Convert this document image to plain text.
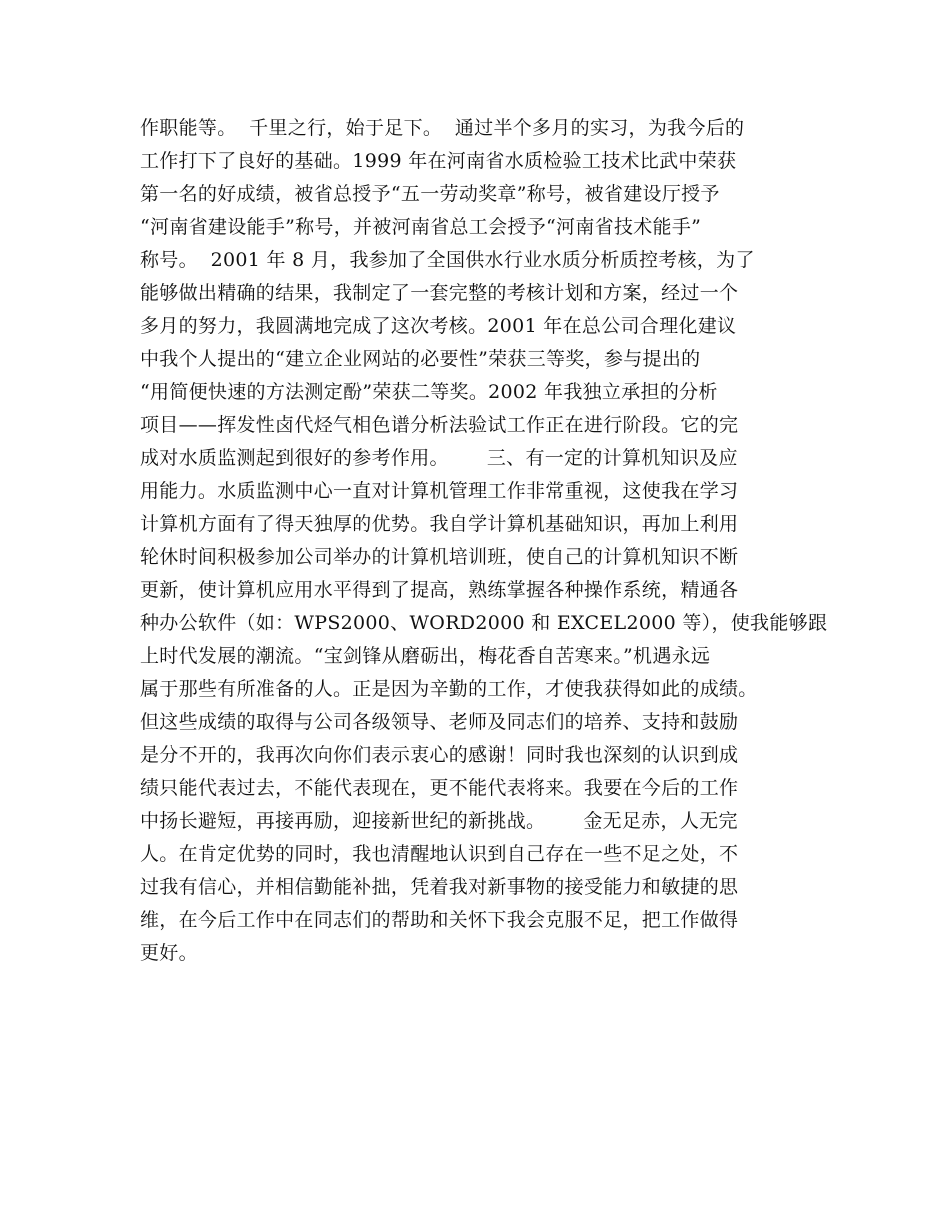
作职能等。  千里之行，始于足下。  通过半个多月的实习，为我今后的
工作打下了良好的基础。1999 年在河南省水质检验工技术比武中荣获
第一名的好成绩，被省总授予“五一劳动奖章”称号，被省建设厅授予
“河南省建设能手”称号，并被河南省总工会授予“河南省技术能手”
称号。  2001 年 8 月，我参加了全国供水行业水质分析质控考核，为了
能够做出精确的结果，我制定了一套完整的考核计划和方案，经过一个
多月的努力，我圆满地完成了这次考核。2001 年在总公司合理化建议
中我个人提出的“建立企业网站的必要性”荣获三等奖，参与提出的
“用简便快速的方法测定酚”荣获二等奖。2002 年我独立承担的分析
项目——挥发性卤代烃气相色谱分析法验试工作正在进行阶段。它的完
成对水质监测起到很好的参考作用。      三、有一定的计算机知识及应
用能力。水质监测中心一直对计算机管理工作非常重视，这使我在学习
计算机方面有了得天独厚的优势。我自学计算机基础知识，再加上利用
轮休时间积极参加公司举办的计算机培训班，使自己的计算机知识不断
更新，使计算机应用水平得到了提高，熟练掌握各种操作系统，精通各
种办公软件（如：WPS2000、WORD2000 和 EXCEL2000 等），使我能够跟
上时代发展的潮流。“宝剑锋从磨砺出，梅花香自苦寒来。”机遇永远
属于那些有所准备的人。正是因为辛勤的工作，才使我获得如此的成绩。
但这些成绩的取得与公司各级领导、老师及同志们的培养、支持和鼓励
是分不开的，我再次向你们表示衷心的感谢！同时我也深刻的认识到成
绩只能代表过去，不能代表现在，更不能代表将来。我要在今后的工作
中扬长避短，再接再励，迎接新世纪的新挑战。      金无足赤，人无完
人。在肯定优势的同时，我也清醒地认识到自己存在一些不足之处，不
过我有信心，并相信勤能补拙，凭着我对新事物的接受能力和敏捷的思
维，在今后工作中在同志们的帮助和关怀下我会克服不足，把工作做得
更好。
